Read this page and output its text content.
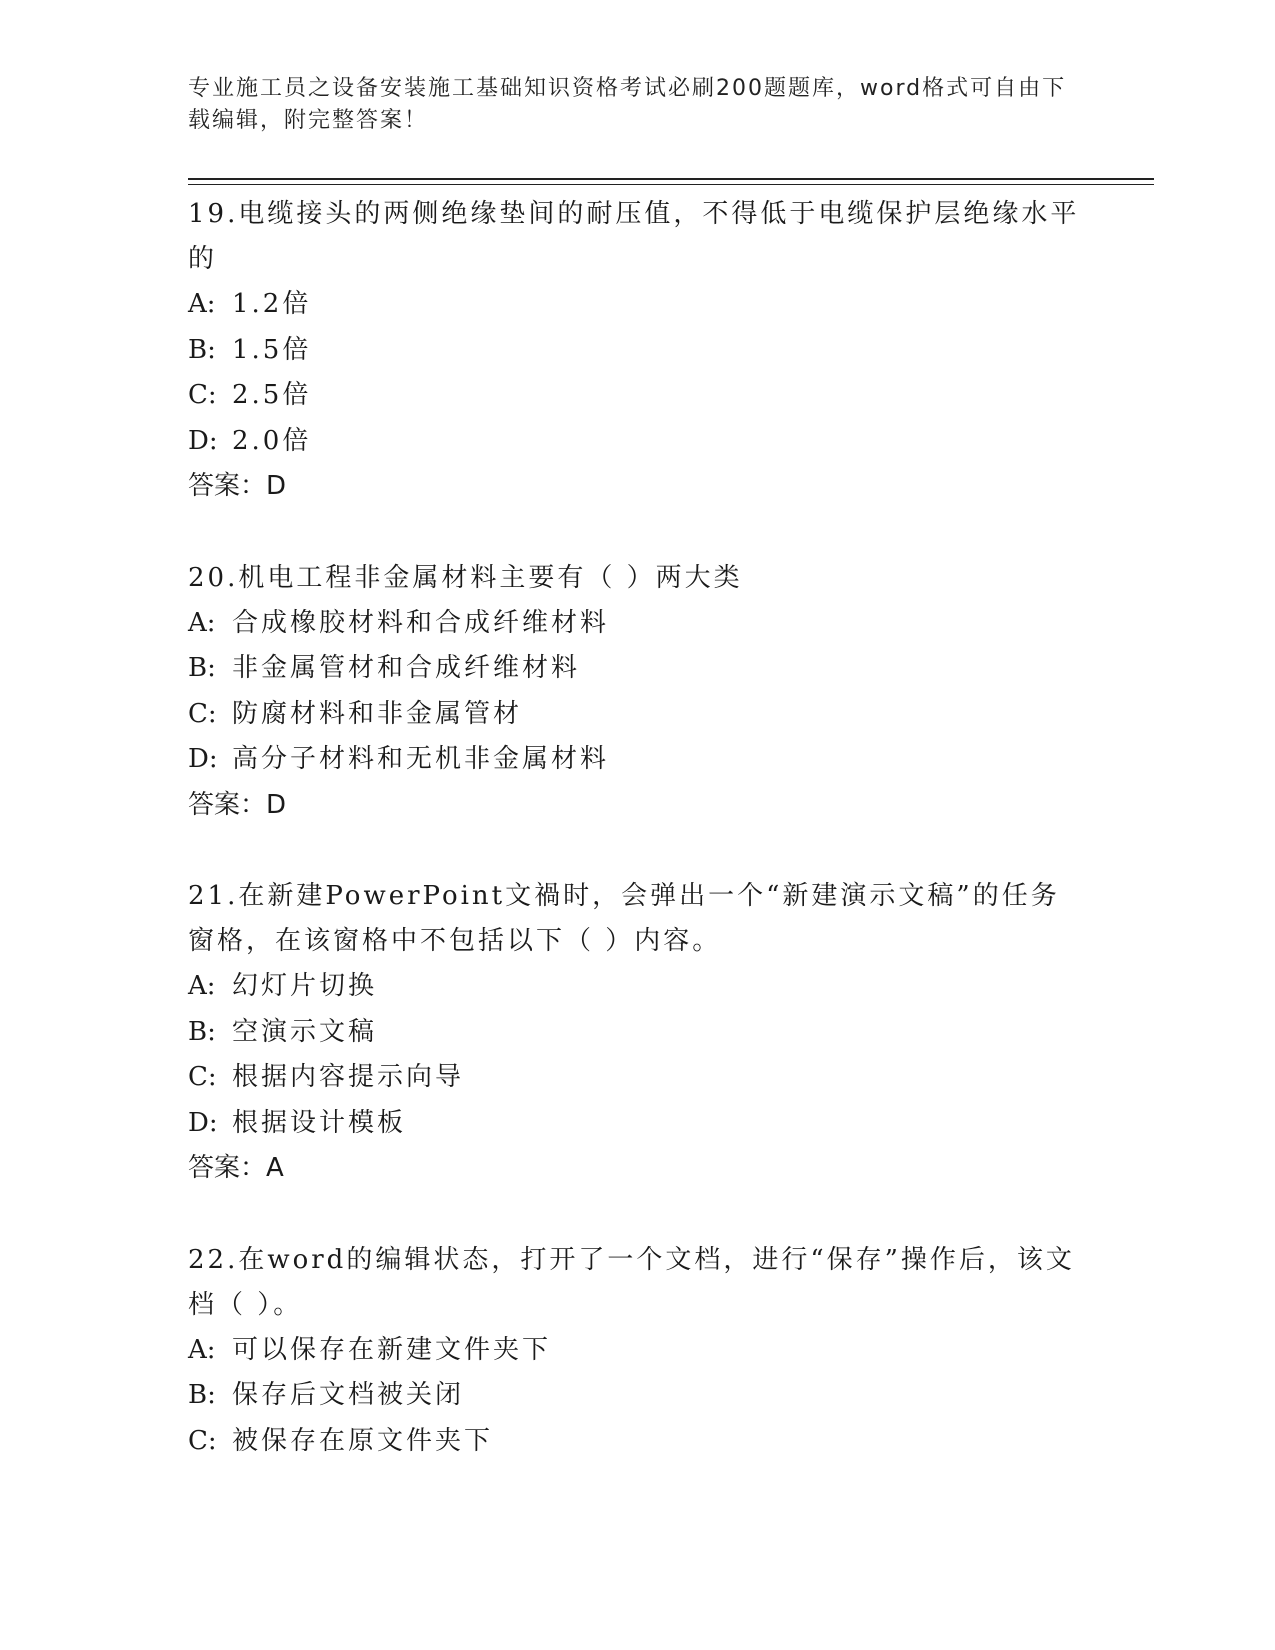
专业施工员之设备安装施工基础知识资格考试必刷200题题库，word格式可自由下载编辑，附完整答案！

19.电缆接头的两侧绝缘垫间的耐压值，不得低于电缆保护层绝缘水平的

A: 1.2倍

B: 1.5倍

C: 2.5倍

D: 2.0倍

答案：D

20.机电工程非金属材料主要有（ ）两大类

A: 合成橡胶材料和合成纤维材料

B: 非金属管材和合成纤维材料

C: 防腐材料和非金属管材

D: 高分子材料和无机非金属材料

答案：D

21.在新建PowerPoint文禍时，会弹出一个“新建演示文稿”的任务窗格，在该窗格中不包括以下（ ）内容。

A: 幻灯片切换

B: 空演示文稿

C: 根据内容提示向导

D: 根据设计模板

答案：A

22.在word的编辑状态，打开了一个文档，进行“保存”操作后，该文档（ ）。

A: 可以保存在新建文件夹下

B: 保存后文档被关闭

C: 被保存在原文件夹下
